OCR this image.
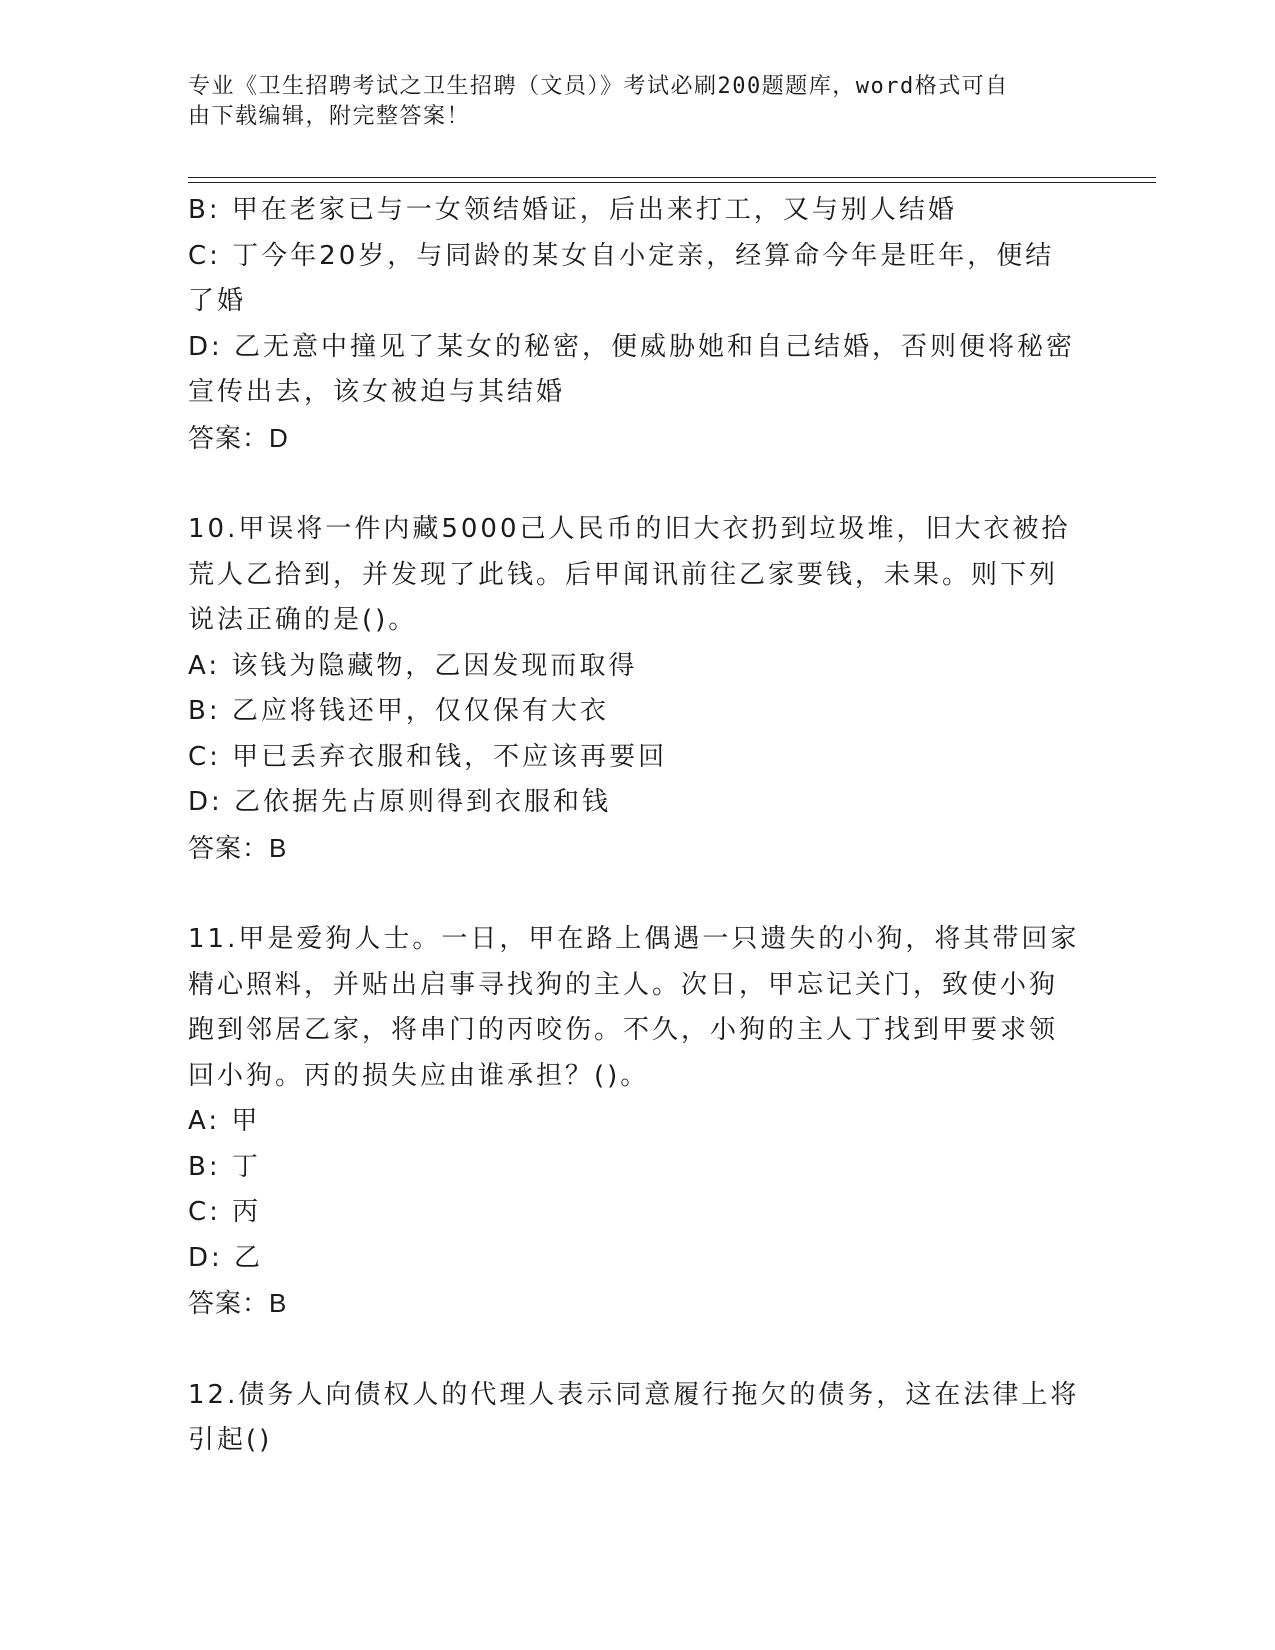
专业《卫生招聘考试之卫生招聘（文员）》考试必刷200题题库，word格式可自
由下载编辑，附完整答案！
B: 甲在老家已与一女领结婚证，后出来打工，又与别人结婚
C: 丁今年20岁，与同龄的某女自小定亲，经算命今年是旺年，便结
了婚
D: 乙无意中撞见了某女的秘密，便威胁她和自己结婚，否则便将秘密
宣传出去，该女被迫与其结婚
答案：D
10.甲误将一件内藏5000己人民币的旧大衣扔到垃圾堆，旧大衣被拾
荒人乙拾到，并发现了此钱。后甲闻讯前往乙家要钱，未果。则下列
说法正确的是()。
A: 该钱为隐藏物，乙因发现而取得
B: 乙应将钱还甲，仅仅保有大衣
C: 甲已丢弃衣服和钱，不应该再要回
D: 乙依据先占原则得到衣服和钱
答案：B
11.甲是爱狗人士。一日，甲在路上偶遇一只遗失的小狗，将其带回家
精心照料，并贴出启事寻找狗的主人。次日，甲忘记关门，致使小狗
跑到邻居乙家，将串门的丙咬伤。不久，小狗的主人丁找到甲要求领
回小狗。丙的损失应由谁承担？()。
A: 甲
B: 丁
C: 丙
D: 乙
答案：B
12.债务人向债权人的代理人表示同意履行拖欠的债务，这在法律上将
引起()
